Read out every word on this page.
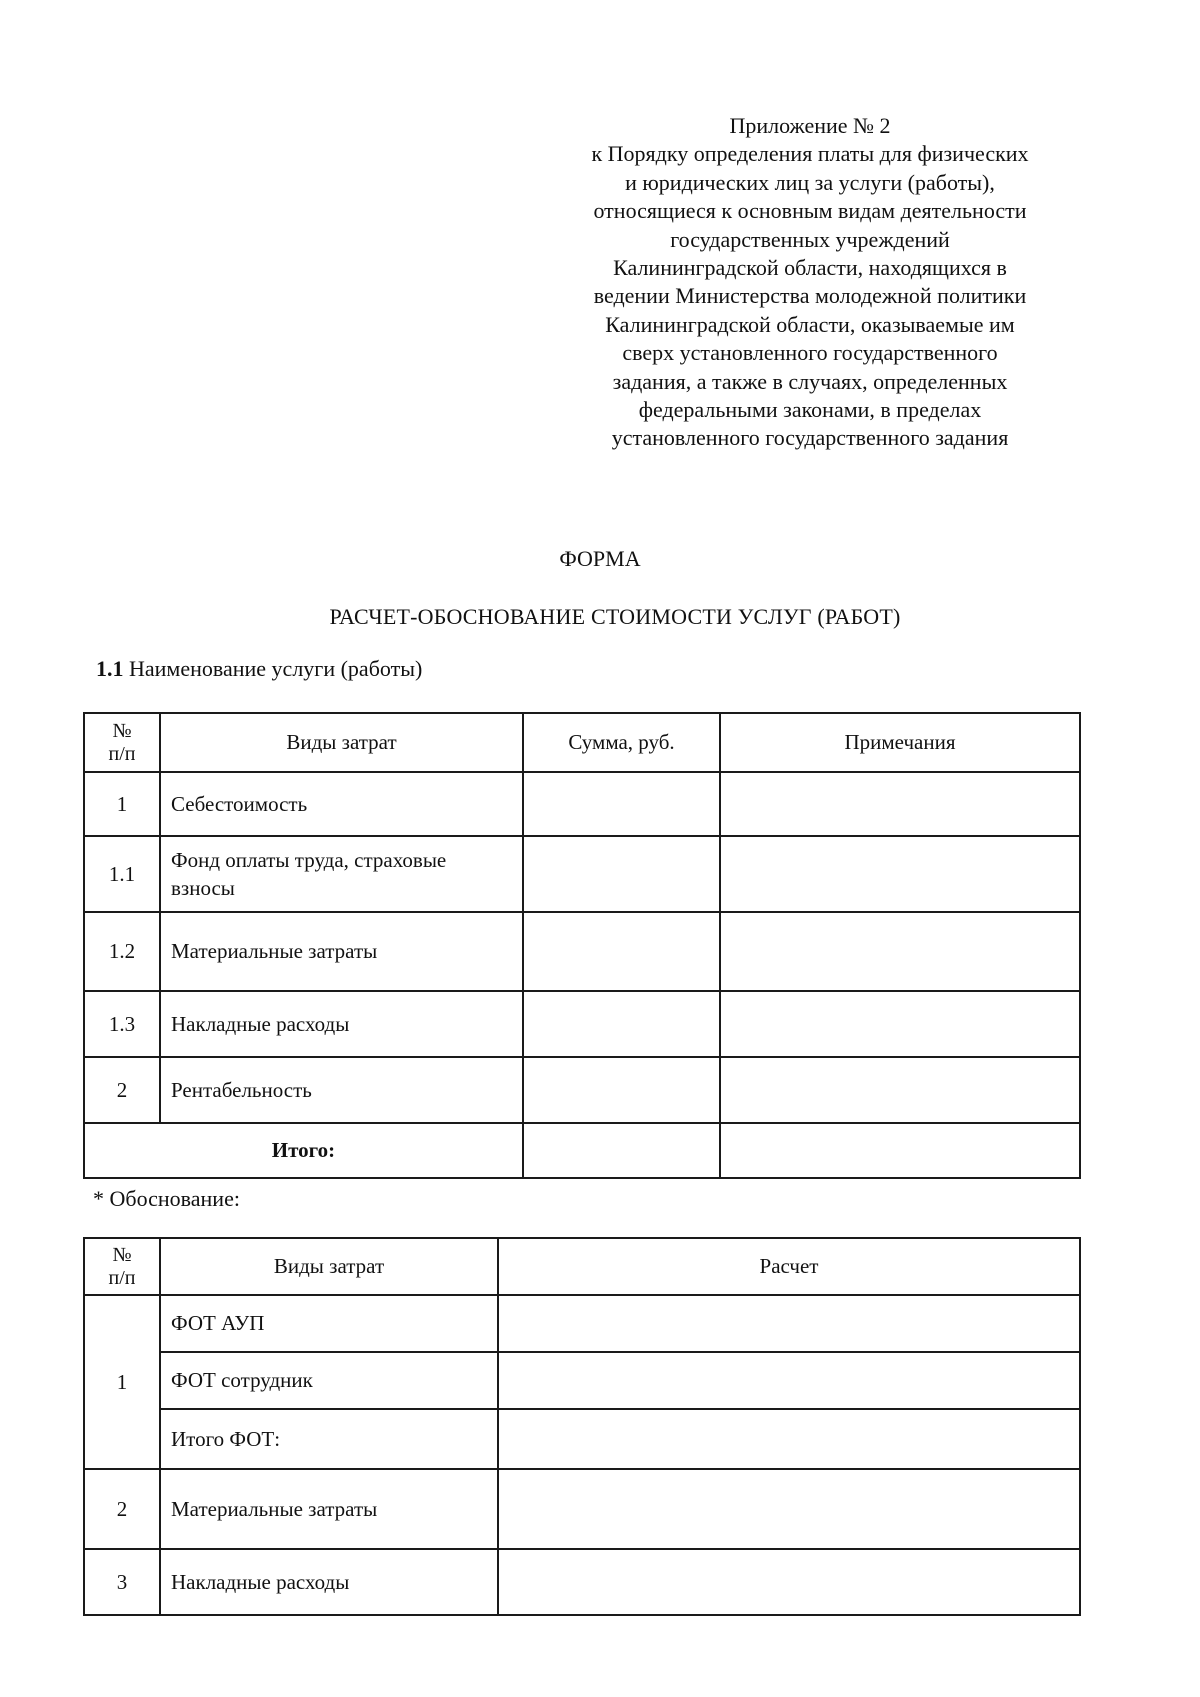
Приложение № 2
к Порядку определения платы для физических
и юридических лиц за услуги (работы),
относящиеся к основным видам деятельности
государственных учреждений
Калининградской области, находящихся в
ведении Министерства молодежной политики
Калининградской области, оказываемые им
сверх установленного государственного
задания, а также в случаях, определенных
федеральными законами, в пределах
установленного государственного задания
ФОРМА
РАСЧЕТ-ОБОСНОВАНИЕ СТОИМОСТИ УСЛУГ (РАБОТ)
1.1 Наименование услуги (работы)
№
п/п	Виды затрат	Сумма, руб.	Примечания
1	Себестоимость		
1.1	Фонд оплаты труда, страховые взносы		
1.2	Материальные затраты		
1.3	Накладные расходы		
2	Рентабельность		
Итого:			
* Обоснование:
№
п/п	Виды затрат	Расчет
1	ФОТ АУП	
	ФОТ сотрудник	
	Итого ФОТ:	
2	Материальные затраты	
3	Накладные расходы	
